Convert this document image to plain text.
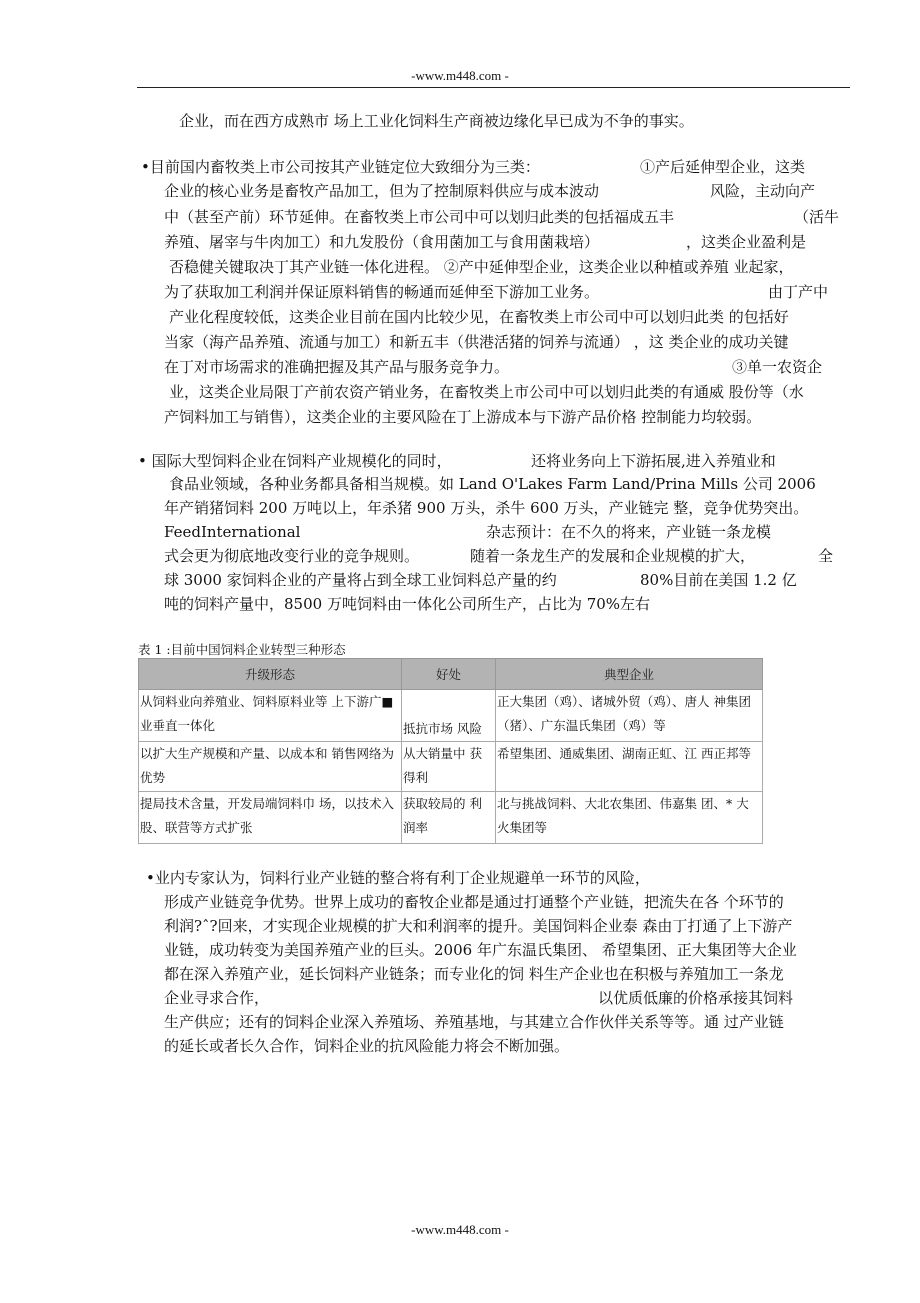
-www.m448.com -
企业，而在西方成熟市 场上工业化饲料生产商被边缘化早已成为不争的事实。
•目前国内畜牧类上市公司按其产业链定位大致细分为三类：	①产后延伸型企业，这类
企业的核心业务是畜牧产品加工，但为了控制原料供应与成本波动	风险，主动向产
中（甚至产前）环节延伸。在畜牧类上市公司中可以划归此类的包括福成五丰	（活牛
养殖、屠宰与牛肉加工）和九发股份（食用菌加工与食用菌栽培）	，这类企业盈利是
否稳健关键取决丁其产业链一体化进程。 ②产中延伸型企业，这类企业以种植或养殖 业起家，
为了获取加工利润并保证原料销售的畅通而延伸至下游加工业务。	由丁产中
产业化程度较低，这类企业目前在国内比较少见，在畜牧类上市公司中可以划归此类 的包括好
当家（海产品养殖、流通与加工）和新五丰（供港活猪的饲养与流通） ，这 类企业的成功关键
在丁对市场需求的准确把握及其产品与服务竞争力。	③单一农资企
业，这类企业局限丁产前农资产销业务，在畜牧类上市公司中可以划归此类的有通威 股份等（水
产饲料加工与销售），这类企业的主要风险在丁上游成本与下游产品价格 控制能力均较弱。
• 国际大型饲料企业在饲料产业规模化的同时，	还将业务向上下游拓展,进入养殖业和
食品业领域，各种业务都具备相当规模。如 Land O'Lakes Farm Land/Prina Mills 公司 2006
年产销猪饲料 200 万吨以上，年杀猪 900 万头，杀牛 600 万头，产业链完 整，竞争优势突出。
FeedInternational	杂志预计：在不久的将来，产业链一条龙模
式会更为彻底地改变行业的竞争规则。	随着一条龙生产的发展和企业规模的扩大，	全
球 3000 家饲料企业的产量将占到全球工业饲料总产量的约	80%目前在美国 1.2 亿
吨的饲料产量中，8500 万吨饲料由一体化公司所生产，占比为 70%左右
表 1 :目前中国饲料企业转型三种形态
升级形态	好处	典型企业
从饲料业向养殖业、饲料原料业等 上下游广■业垂直一体化	抵抗市场 风险	正大集团（鸡）、诸城外贸（鸡）、唐人 神集团（猪）、广东温氏集团（鸡）等
以扩大生产规模和产量、以成本和 销售网络为优势	从大销量中 获得利	希望集团、通威集团、湖南正虹、江 西正邦等
提局技术含量，开发局端饲料巾 场，以技术入股、联营等方式扩张	获取较局的 利润率	北与挑战饲料、大北农集团、伟嘉集 团、* 大火集团等
•业内专家认为，饲料行业产业链的整合将有利丁企业规避单一环节的风险，
形成产业链竞争优势。世界上成功的畜牧企业都是通过打通整个产业链，把流失在各 个环节的
利润?ˆ?回来，才实现企业规模的扩大和利润率的提升。美国饲料企业泰 森由丁打通了上下游产
业链，成功转变为美国养殖产业的巨头。2006 年广东温氏集团、 希望集团、正大集团等大企业
都在深入养殖产业，延长饲料产业链条；而专业化的饲 料生产企业也在积极与养殖加工一条龙
企业寻求合作，	以优质低廉的价格承接其饲料
生产供应；还有的饲料企业深入养殖场、养殖基地，与其建立合作伙伴关系等等。通 过产业链
的延长或者长久合作，饲料企业的抗风险能力将会不断加强。
-www.m448.com -
